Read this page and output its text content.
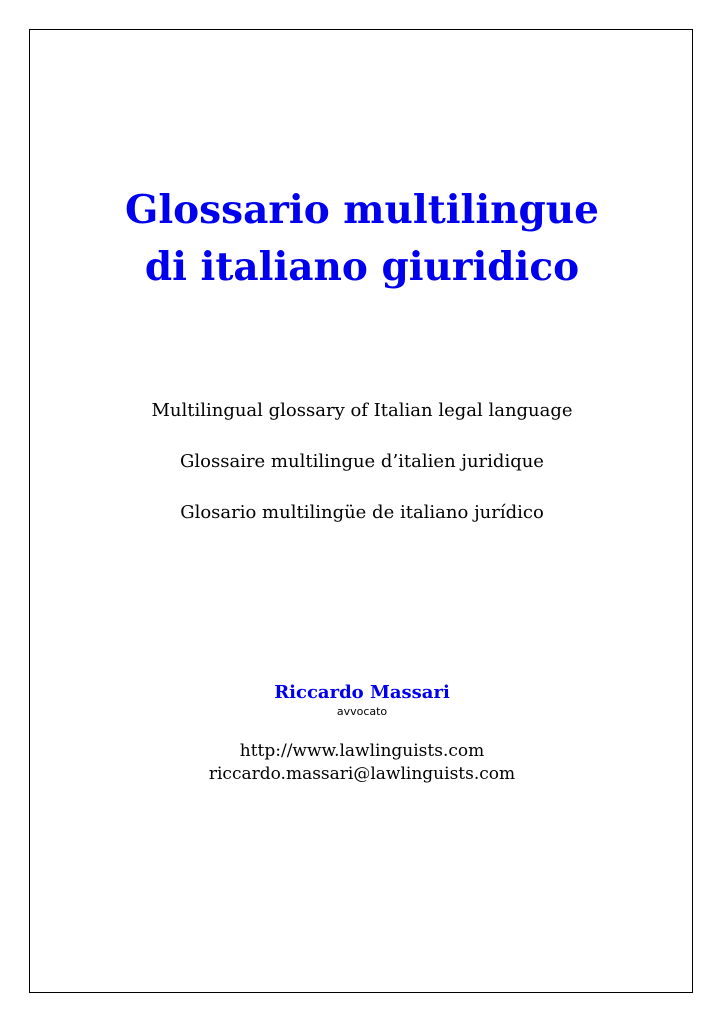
Glossario multilingue
di italiano giuridico
Multilingual glossary of Italian legal language
Glossaire multilingue d’italien juridique
Glosario multilingüe de italiano jurídico
Riccardo Massari
avvocato
http://www.lawlinguists.com
riccardo.massari@lawlinguists.com
